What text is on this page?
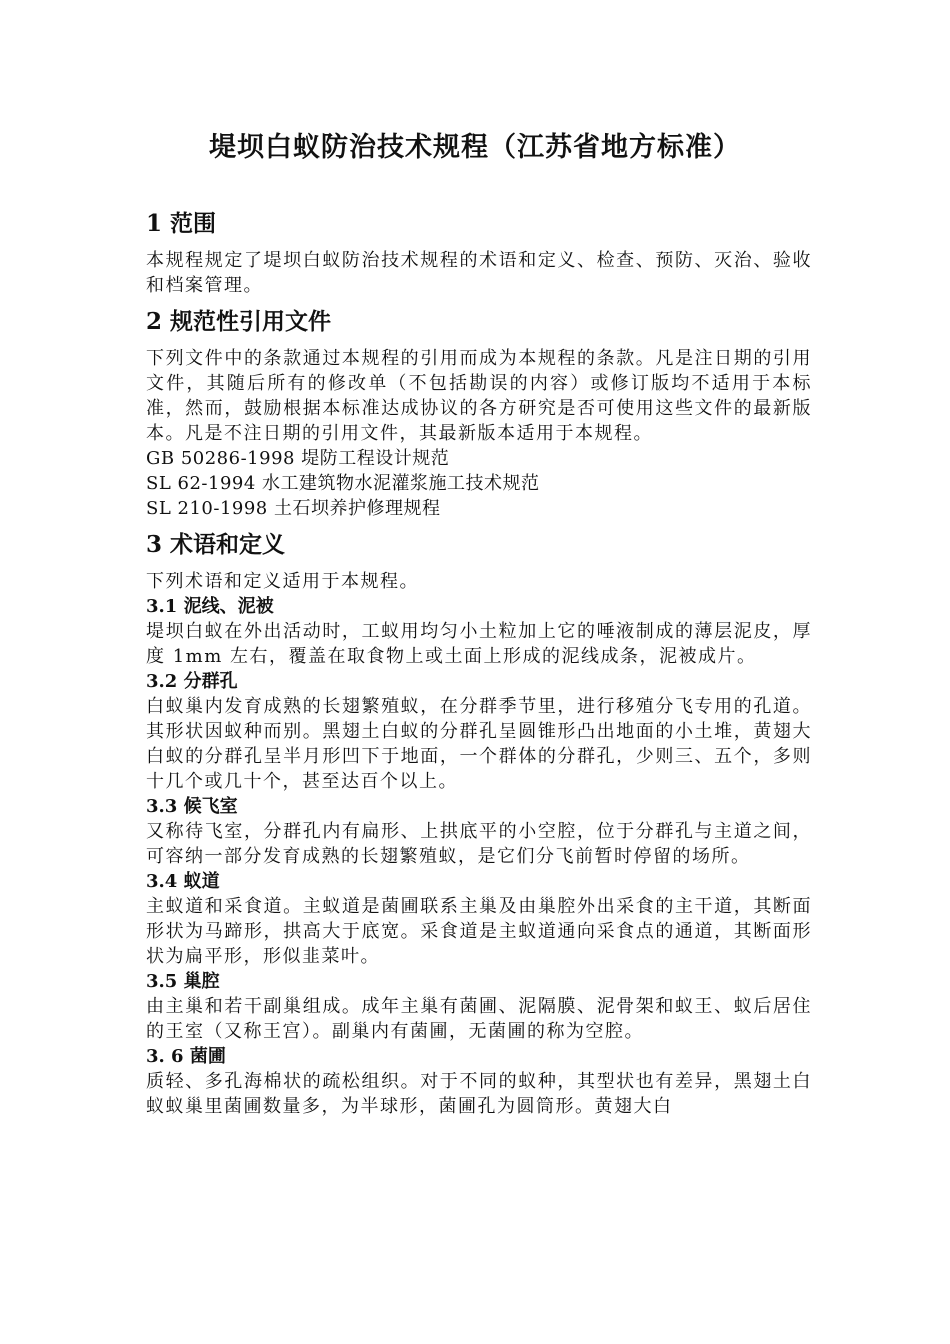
堤坝白蚁防治技术规程（江苏省地方标准）
1 范围
本规程规定了堤坝白蚁防治技术规程的术语和定义、检查、预防、灭治、验收和档案管理。
2 规范性引用文件
下列文件中的条款通过本规程的引用而成为本规程的条款。凡是注日期的引用文件，其随后所有的修改单（不包括勘误的内容）或修订版均不适用于本标准，然而，鼓励根据本标准达成协议的各方研究是否可使用这些文件的最新版本。凡是不注日期的引用文件，其最新版本适用于本规程。
GB 50286-1998 堤防工程设计规范
SL 62-1994 水工建筑物水泥灌浆施工技术规范
SL 210-1998 土石坝养护修理规程
3 术语和定义
下列术语和定义适用于本规程。
3.1 泥线、泥被
堤坝白蚁在外出活动时，工蚁用均匀小土粒加上它的唾液制成的薄层泥皮，厚度 1mm 左右，覆盖在取食物上或土面上形成的泥线成条，泥被成片。
3.2 分群孔
白蚁巢内发育成熟的长翅繁殖蚁，在分群季节里，进行移殖分飞专用的孔道。其形状因蚁种而别。黑翅土白蚁的分群孔呈圆锥形凸出地面的小土堆，黄翅大白蚁的分群孔呈半月形凹下于地面，一个群体的分群孔，少则三、五个，多则十几个或几十个，甚至达百个以上。
3.3 候飞室
又称待飞室，分群孔内有扁形、上拱底平的小空腔，位于分群孔与主道之间，可容纳一部分发育成熟的长翅繁殖蚁，是它们分飞前暂时停留的场所。
3.4 蚁道
主蚁道和采食道。主蚁道是菌圃联系主巢及由巢腔外出采食的主干道，其断面形状为马蹄形，拱高大于底宽。采食道是主蚁道通向采食点的通道，其断面形状为扁平形，形似韭菜叶。
3.5 巢腔
由主巢和若干副巢组成。成年主巢有菌圃、泥隔膜、泥骨架和蚁王、蚁后居住的王室（又称王宫）。副巢内有菌圃，无菌圃的称为空腔。
3. 6 菌圃
质轻、多孔海棉状的疏松组织。对于不同的蚁种，其型状也有差异，黑翅土白蚁蚁巢里菌圃数量多，为半球形，菌圃孔为圆筒形。黄翅大白
